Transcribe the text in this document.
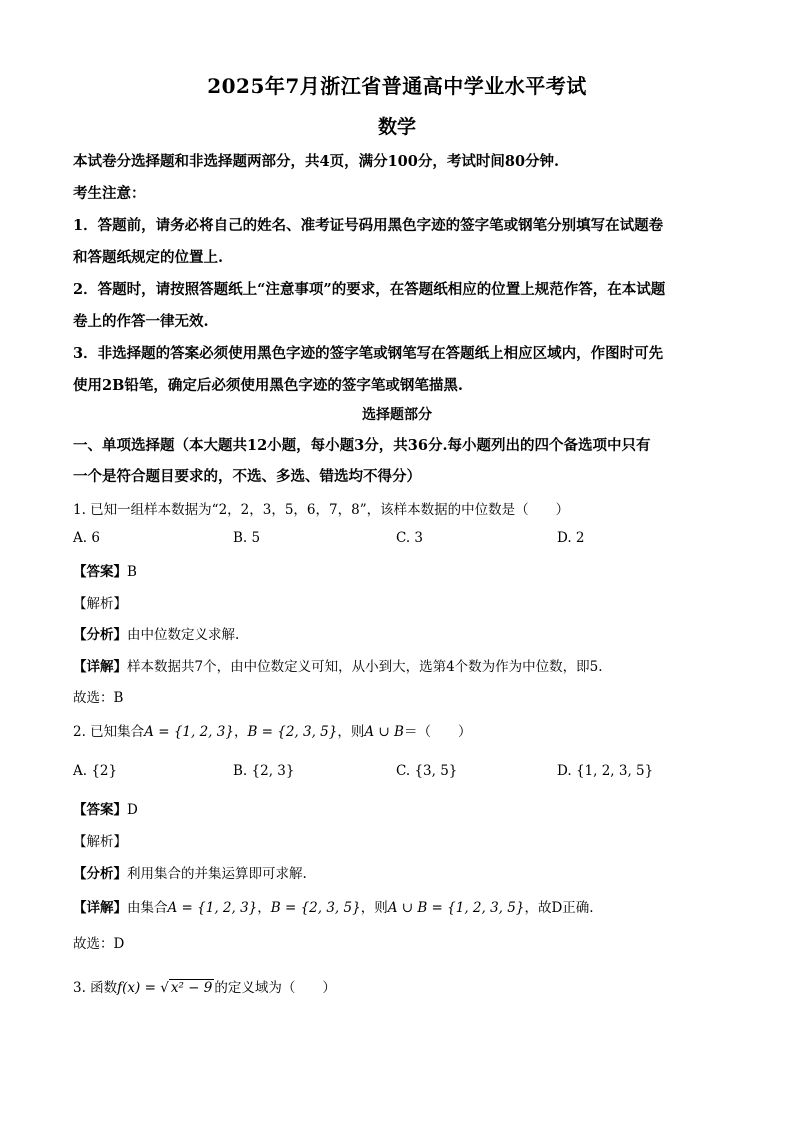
2025年7月浙江省普通高中学业水平考试
数学
本试卷分选择题和非选择题两部分，共4页，满分100分，考试时间80分钟.
考生注意：
1．答题前，请务必将自己的姓名、准考证号码用黑色字迹的签字笔或钢笔分别填写在试题卷
和答题纸规定的位置上.
2．答题时，请按照答题纸上“注意事项”的要求，在答题纸相应的位置上规范作答，在本试题
卷上的作答一律无效.
3．非选择题的答案必须使用黑色字迹的签字笔或钢笔写在答题纸上相应区域内，作图时可先
使用2B铅笔，确定后必须使用黑色字迹的签字笔或钢笔描黑.
选择题部分
一、单项选择题（本大题共12小题，每小题3分，共36分.每小题列出的四个备选项中只有
一个是符合题目要求的，不选、多选、错选均不得分）
1. 已知一组样本数据为“2，2，3，5，6，7，8”，该样本数据的中位数是（　　）
A. 6	B. 5	C. 3	D. 2
【答案】B
【解析】
【分析】由中位数定义求解.
【详解】样本数据共7个，由中位数定义可知，从小到大，选第4个数为作为中位数，即5.
故选：B
2. 已知集合A = {1, 2, 3}，B = {2, 3, 5}，则A ∪ B＝（　　）
A. {2}	B. {2, 3}	C. {3, 5}	D. {1, 2, 3, 5}
【答案】D
【解析】
【分析】利用集合的并集运算即可求解.
【详解】由集合A = {1, 2, 3}，B = {2, 3, 5}，则A ∪ B = {1, 2, 3, 5}，故D正确.
故选：D
3. 函数f(x) = √ x² − 9 的定义域为（　　）
